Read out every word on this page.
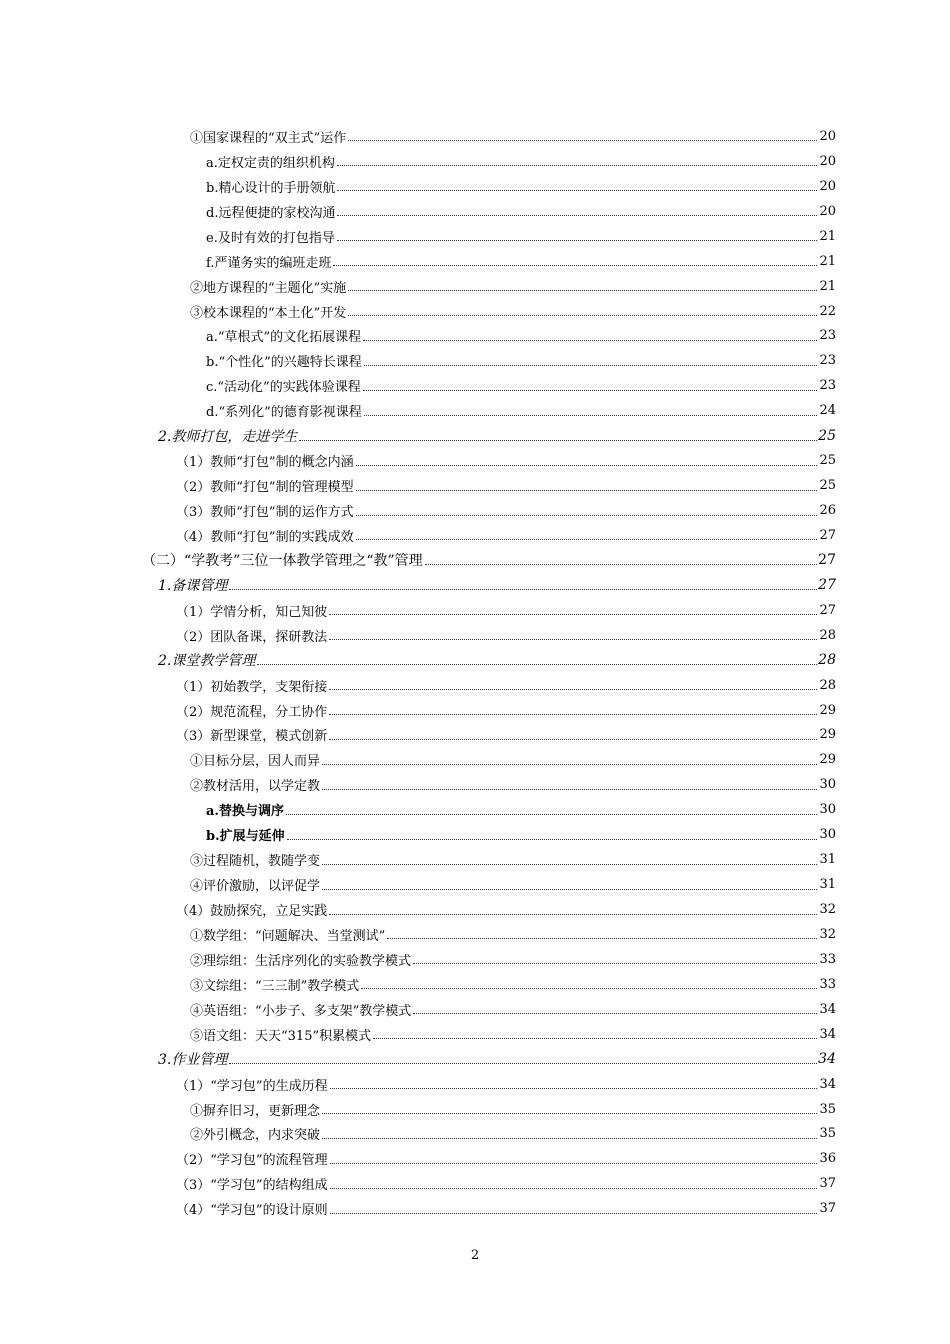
①国家课程的“双主式”运作	20
a.定权定责的组织机构	20
b.精心设计的手册领航	20
d.远程便捷的家校沟通	20
e.及时有效的打包指导	21
f.严谨务实的编班走班	21
②地方课程的“主题化”实施	21
③校本课程的“本土化”开发	22
a.“草根式”的文化拓展课程	23
b.“个性化”的兴趣特长课程	23
c.“活动化”的实践体验课程	23
d.“系列化”的德育影视课程	24
2.教师打包，走进学生	25
（1）教师“打包”制的概念内涵	25
（2）教师“打包”制的管理模型	25
（3）教师“打包”制的运作方式	26
（4）教师“打包”制的实践成效	27
（二）“学教考”三位一体教学管理之“教”管理	27
1.备课管理	27
（1）学情分析，知己知彼	27
（2）团队备课，探研教法	28
2.课堂教学管理	28
（1）初始教学，支架衔接	28
（2）规范流程，分工协作	29
（3）新型课堂，模式创新	29
①目标分层，因人而异	29
②教材活用，以学定教	30
a.替换与调序	30
b.扩展与延伸	30
③过程随机，教随学变	31
④评价激励，以评促学	31
（4）鼓励探究，立足实践	32
①数学组：“问题解决、当堂测试”	32
②理综组：生活序列化的实验教学模式	33
③文综组：“三三制”教学模式	33
④英语组：“小步子、多支架”教学模式	34
⑤语文组：天天“315”积累模式	34
3.作业管理	34
（1）“学习包”的生成历程	34
①摒弃旧习，更新理念	35
②外引概念，内求突破	35
（2）“学习包”的流程管理	36
（3）“学习包”的结构组成	37
（4）“学习包”的设计原则	37
2
